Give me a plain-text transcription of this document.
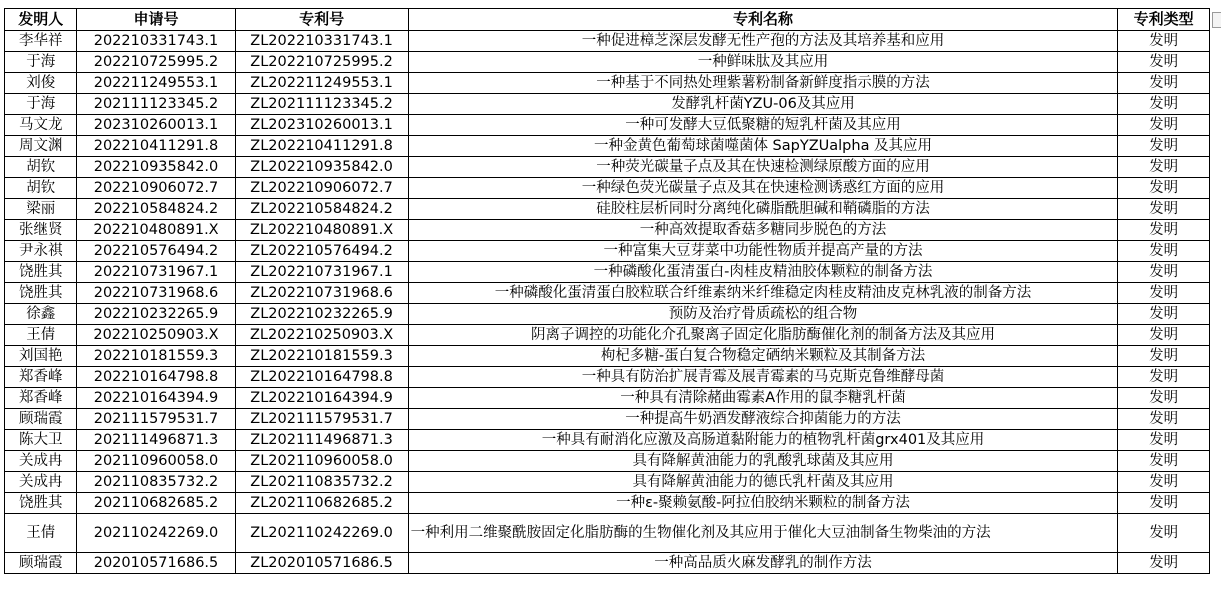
发明人	申请号	专利号	专利名称	专利类型
李华祥	202210331743.1	ZL202210331743.1	一种促进樟芝深层发酵无性产孢的方法及其培养基和应用	发明
于海	202210725995.2	ZL202210725995.2	一种鲜味肽及其应用	发明
刘俊	202211249553.1	ZL202211249553.1	一种基于不同热处理紫薯粉制备新鲜度指示膜的方法	发明
于海	202111123345.2	ZL202111123345.2	发酵乳杆菌YZU-06及其应用	发明
马文龙	202310260013.1	ZL202310260013.1	一种可发酵大豆低聚糖的短乳杆菌及其应用	发明
周文渊	202210411291.8	ZL202210411291.8	一种金黄色葡萄球菌噬菌体 SapYZUalpha 及其应用	发明
胡钦	202210935842.0	ZL202210935842.0	一种荧光碳量子点及其在快速检测绿原酸方面的应用	发明
胡钦	202210906072.7	ZL202210906072.7	一种绿色荧光碳量子点及其在快速检测诱惑红方面的应用	发明
梁丽	202210584824.2	ZL202210584824.2	硅胶柱层析同时分离纯化磷脂酰胆碱和鞘磷脂的方法	发明
张继贤	202210480891.X	ZL202210480891.X	一种高效提取香菇多糖同步脱色的方法	发明
尹永祺	202210576494.2	ZL202210576494.2	一种富集大豆芽菜中功能性物质并提高产量的方法	发明
饶胜其	202210731967.1	ZL202210731967.1	一种磷酸化蛋清蛋白-肉桂皮精油胶体颗粒的制备方法	发明
饶胜其	202210731968.6	ZL202210731968.6	一种磷酸化蛋清蛋白胶粒联合纤维素纳米纤维稳定肉桂皮精油皮克林乳液的制备方法	发明
徐鑫	202210232265.9	ZL202210232265.9	预防及治疗骨质疏松的组合物	发明
王倩	202210250903.X	ZL202210250903.X	阴离子调控的功能化介孔聚离子固定化脂肪酶催化剂的制备方法及其应用	发明
刘国艳	202210181559.3	ZL202210181559.3	枸杞多糖-蛋白复合物稳定硒纳米颗粒及其制备方法	发明
郑香峰	202210164798.8	ZL202210164798.8	一种具有防治扩展青霉及展青霉素的马克斯克鲁维酵母菌	发明
郑香峰	202210164394.9	ZL202210164394.9	一种具有清除赭曲霉素A作用的鼠李糖乳杆菌	发明
顾瑞霞	202111579531.7	ZL202111579531.7	一种提高牛奶酒发酵液综合抑菌能力的方法	发明
陈大卫	202111496871.3	ZL202111496871.3	一种具有耐消化应激及高肠道黏附能力的植物乳杆菌grx401及其应用	发明
关成冉	202110960058.0	ZL202110960058.0	具有降解黄油能力的乳酸乳球菌及其应用	发明
关成冉	202110835732.2	ZL202110835732.2	具有降解黄油能力的德氏乳杆菌及其应用	发明
饶胜其	202110682685.2	ZL202110682685.2	一种ε-聚赖氨酸-阿拉伯胶纳米颗粒的制备方法	发明
王倩	202110242269.0	ZL202110242269.0	一种利用二维聚酰胺固定化脂肪酶的生物催化剂及其应用于催化大豆油制备生物柴油的方法	发明
顾瑞霞	202010571686.5	ZL202010571686.5	一种高品质火麻发酵乳的制作方法	发明
